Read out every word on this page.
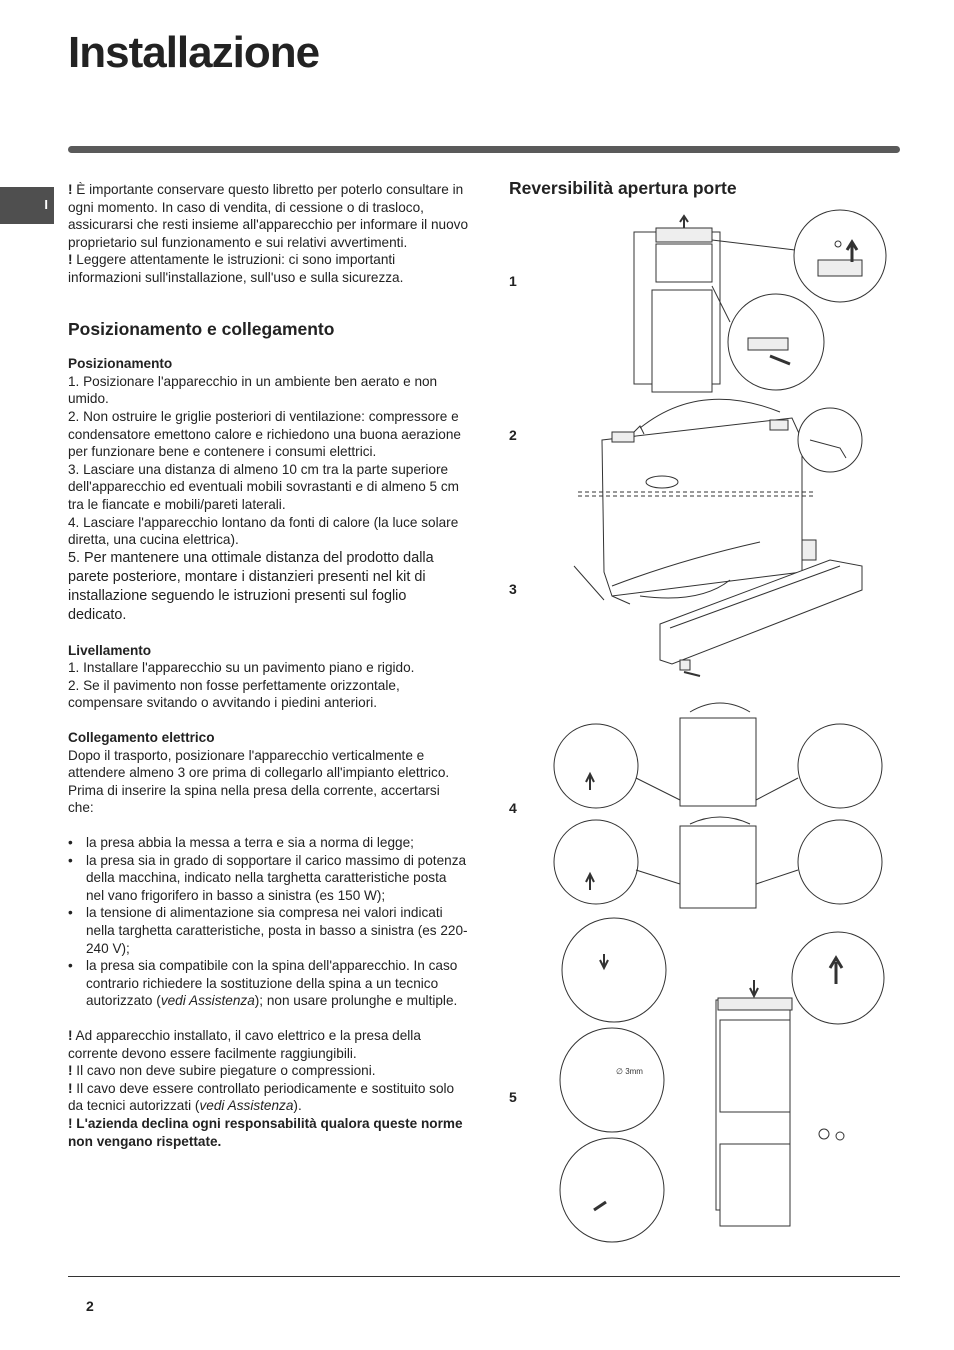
Installazione
I

! È importante conservare questo libretto per poterlo consultare in ogni momento. In caso di vendita, di cessione o di trasloco, assicurarsi che resti insieme all'apparecchio per informare il nuovo proprietario sul funzionamento e sui relativi avvertimenti.

! Leggere attentamente le istruzioni: ci sono importanti informazioni sull'installazione, sull'uso e sulla sicurezza.

Posizionamento e collegamento
Posizionamento

1. Posizionare l'apparecchio in un ambiente ben aerato e non umido.

2. Non ostruire le griglie posteriori di ventilazione: compressore e condensatore emettono calore e richiedono una buona aerazione per funzionare bene e contenere i consumi elettrici.

3. Lasciare una distanza di almeno 10 cm tra la parte superiore dell'apparecchio ed eventuali mobili sovrastanti e di almeno 5 cm tra le fiancate e mobili/pareti laterali.

4. Lasciare l'apparecchio lontano da fonti di calore (la luce solare diretta, una cucina elettrica).

5. Per mantenere una ottimale distanza del prodotto dalla parete posteriore, montare i distanzieri presenti nel kit di installazione seguendo le istruzioni presenti sul foglio dedicato.

Livellamento

1. Installare l'apparecchio su un pavimento piano e rigido.

2. Se il pavimento non fosse perfettamente orizzontale, compensare svitando o avvitando i piedini anteriori.

Collegamento elettrico

Dopo il trasporto, posizionare l'apparecchio verticalmente e attendere almeno 3 ore prima di collegarlo all'impianto elettrico. Prima di inserire la spina nella presa della corrente, accertarsi che:

• la presa abbia la messa a terra e sia a norma di legge;
• la presa sia in grado di sopportare il carico massimo di potenza della macchina, indicato nella targhetta caratteristiche posta nel vano frigorifero in basso a sinistra (es 150 W);
• la tensione di alimentazione sia compresa nei valori indicati nella targhetta caratteristiche, posta in basso a sinistra (es 220-240 V);
• la presa sia compatibile con la spina dell'apparecchio. In caso contrario richiedere la sostituzione della spina a un tecnico autorizzato (vedi Assistenza); non usare prolunghe e multiple.

! Ad apparecchio installato, il cavo elettrico e la presa della corrente devono essere facilmente raggiungibili.

! Il cavo non deve subire piegature o compressioni.

! Il cavo deve essere controllato periodicamente e sostituito solo da tecnici autorizzati (vedi Assistenza).

! L'azienda declina ogni responsabilità qualora queste norme non vengano rispettate.

Reversibilità apertura porte
1
2
3
4
5
∅ 3mm
2
